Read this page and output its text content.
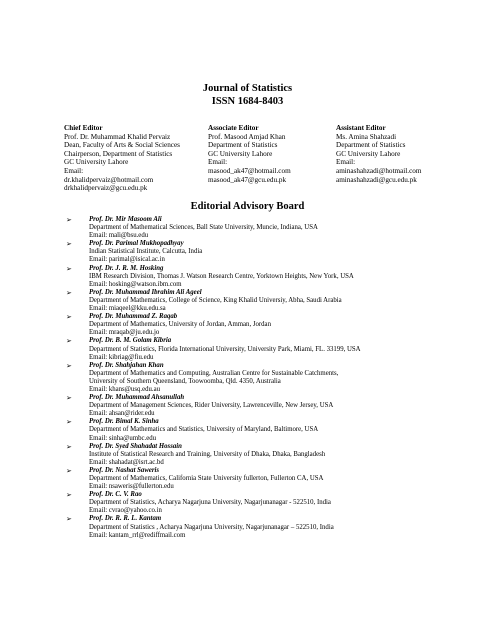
Journal of Statistics
ISSN 1684-8403
Chief Editor
Prof. Dr. Muhammad Khalid Pervaiz
Dean, Faculty of Arts & Social Sciences
Chairperson, Department of Statistics
GC University Lahore
Email:
dr.khalidpervaiz@hotmail.com
drkhalidpervaiz@gcu.edu.pk
Associate Editor
Prof. Masood Amjad Khan
Department of Statistics
GC University Lahore
Email:
masood_ak47@hotmail.com
masood_ak47@gcu.edu.pk
Assistant Editor
Ms. Amina Shahzadi
Department of Statistics
GC University Lahore
Email:
aminashahzadi@hotmail.com
aminashahzadi@gcu.edu.pk
Editorial Advisory Board
➢	Prof. Dr. Mir Masoom Ali
Department of Mathematical Sciences, Ball State University, Muncie, Indiana, USA
Email: mali@bsu.edu
➢	Prof. Dr. Parimal Mukhopadhyay
Indian Statistical Institute, Calcutta, India
Email: parimal@isical.ac.in
➢	Prof. Dr. J. R. M. Hosking
IBM Research Division, Thomas J. Watson Research Centre, Yorktown Heights, New York, USA
Email: hosking@watson.ibm.com
➢	Prof. Dr. Muhammad Ibrahim Ali Ageel
Department of Mathematics, College of Science, King Khalid Universiy, Abha, Saudi Arabia
Email: miaqeel@kku.edu.sa
➢	Prof. Dr. Muhammad Z. Raqab
Department of Mathematics, University of Jordan, Amman, Jordan
Email: mraqab@ju.edu.jo
➢	Prof. Dr. B. M. Golam Kibria
Department of Statistics, Florida International University, University Park, Miami, FL. 33199, USA
Email: kibriag@fiu.edu
➢	Prof. Dr. Shahjahan Khan
Department of Mathematics and Computing, Australian Centre for Sustainable Catchments,
University of Southern Queensland, Toowoomba, Qld. 4350, Australia
Email: khans@usq.edu.au
➢	Prof. Dr. Muhammad Ahsanullah
Department of Management Sciences, Rider University, Lawrenceville, New Jersey, USA
Email: ahsan@rider.edu
➢	Prof. Dr. Bimal K. Sinha
Department of Mathematics and Statistics, University of Maryland, Baltimore, USA
Email: sinha@umbc.edu
➢	Prof. Dr. Syed Shahadat Hossain
Institute of Statistical Research and Training, University of Dhaka, Dhaka, Bangladesh
Email: shahadat@isrt.ac.bd
➢	Prof. Dr. Nashat Saweris
Department of Mathematics, California State University fullerton, Fullerton CA, USA
Email: nsaweris@fullerton.edu
➢	Prof. Dr. C. V. Rao
Department of Statistics, Acharya Nagarjuna University, Nagarjunanagar - 522510, India
Email: cvrao@yahoo.co.in
➢	Prof. Dr. R. R. L. Kantam
Department of Statistics , Acharya Nagarjuna University, Nagarjunanagar – 522510, India
Email: kantam_rrl@rediffmail.com
